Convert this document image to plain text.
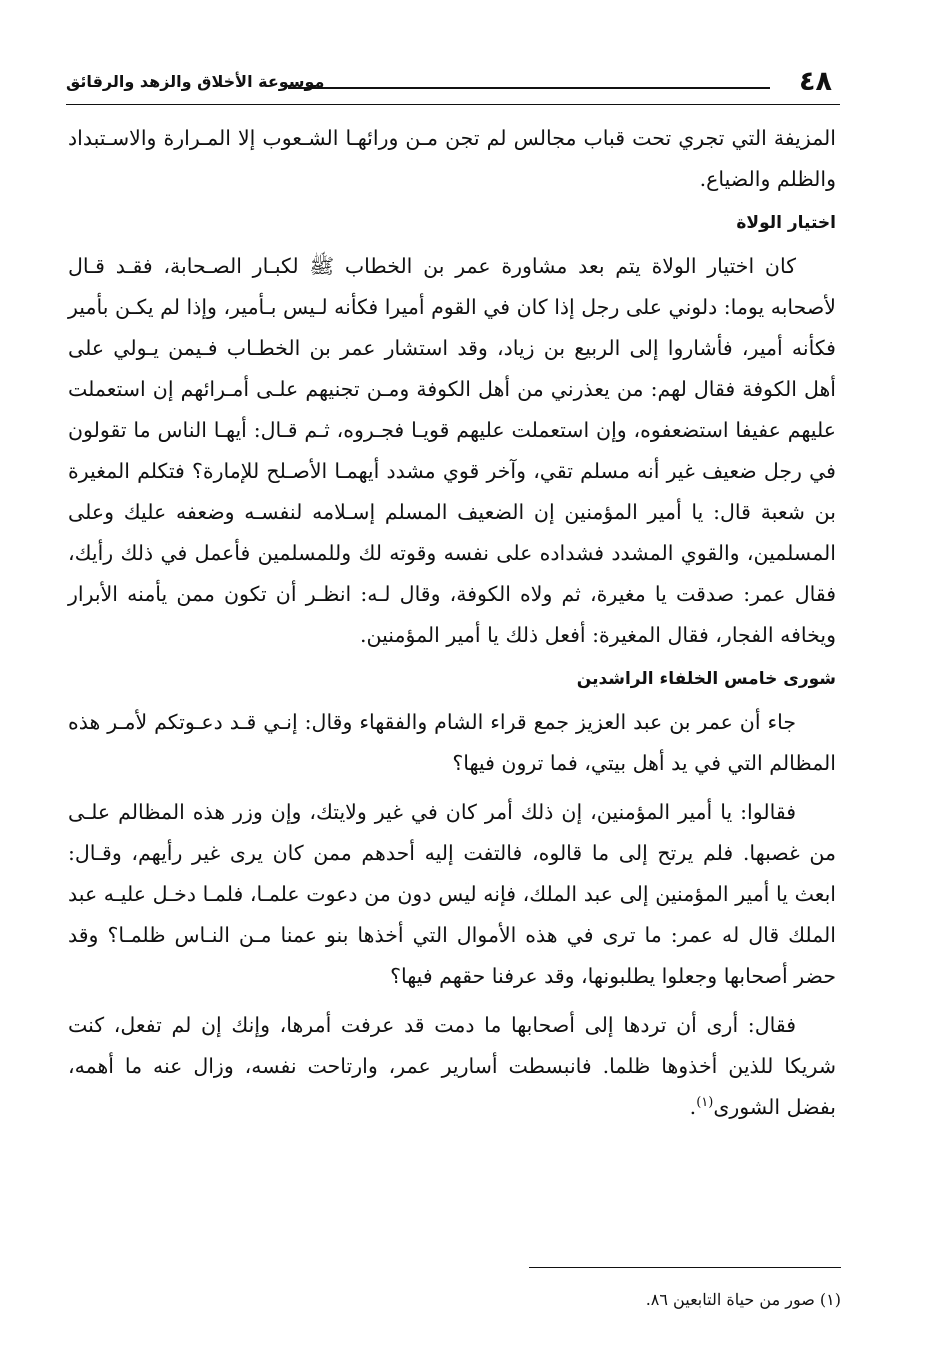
٤٨
موسوعة الأخلاق والزهد والرقائق

المزيفة التي تجري تحت قباب مجالس لم تجن مـن ورائهـا الشـعوب إلا المـرارة والاسـتبداد والظلم والضياع.

اختيار الولاة

كان اختيار الولاة يتم بعد مشاورة عمر بن الخطاب ﷺ لكبـار الصـحابة، فقـد قـال لأصحابه يوما: دلوني على رجل إذا كان في القوم أميرا فكأنه لـيس بـأمير، وإذا لم يكـن بأمير فكأنه أمير، فأشاروا إلى الربيع بن زياد، وقد استشار عمر بن الخطـاب فـيمن يـولي على أهل الكوفة فقال لهم: من يعذرني من أهل الكوفة ومـن تجنيهم علـى أمـرائهم إن استعملت عليهم عفيفا استضعفوه، وإن استعملت عليهم قويـا فجـروه، ثـم قـال: أيهـا الناس ما تقولون في رجل ضعيف غير أنه مسلم تقي، وآخر قوي مشدد أيهمـا الأصـلح للإمارة؟ فتكلم المغيرة بن شعبة قال: يا أمير المؤمنين إن الضعيف المسلم إسـلامه لنفسـه وضعفه عليك وعلى المسلمين، والقوي المشدد فشداده على نفسه وقوته لك وللمسلمين فأعمل في ذلك رأيك، فقال عمر: صدقت يا مغيرة، ثم ولاه الكوفة، وقال لـه: انظـر أن تكون ممن يأمنه الأبرار ويخافه الفجار، فقال المغيرة: أفعل ذلك يا أمير المؤمنين.

شورى خامس الخلفاء الراشدين

جاء أن عمر بن عبد العزيز جمع قراء الشام والفقهاء وقال: إنـي قـد دعـوتكم لأمـر هذه المظالم التي في يد أهل بيتي، فما ترون فيها؟

فقالوا: يا أمير المؤمنين، إن ذلك أمر كان في غير ولايتك، وإن وزر هذه المظالم علـى من غصبها. فلم يرتح إلى ما قالوه، فالتفت إليه أحدهم ممن كان يرى غير رأيهم، وقـال: ابعث يا أمير المؤمنين إلى عبد الملك، فإنه ليس دون من دعوت علمـا، فلمـا دخـل عليـه عبد الملك قال له عمر: ما ترى في هذه الأموال التي أخذها بنو عمنا مـن النـاس ظلمـا؟ وقد حضر أصحابها وجعلوا يطلبونها، وقد عرفنا حقهم فيها؟

فقال: أرى أن تردها إلى أصحابها ما دمت قد عرفت أمرها، وإنك إن لم تفعل، كنت شريكا للذين أخذوها ظلما. فانبسطت أسارير عمر، وارتاحت نفسه، وزال عنه ما أهمه، بفضل الشورى$^{(١)}$.

(١) صور من حياة التابعين ٨٦.
